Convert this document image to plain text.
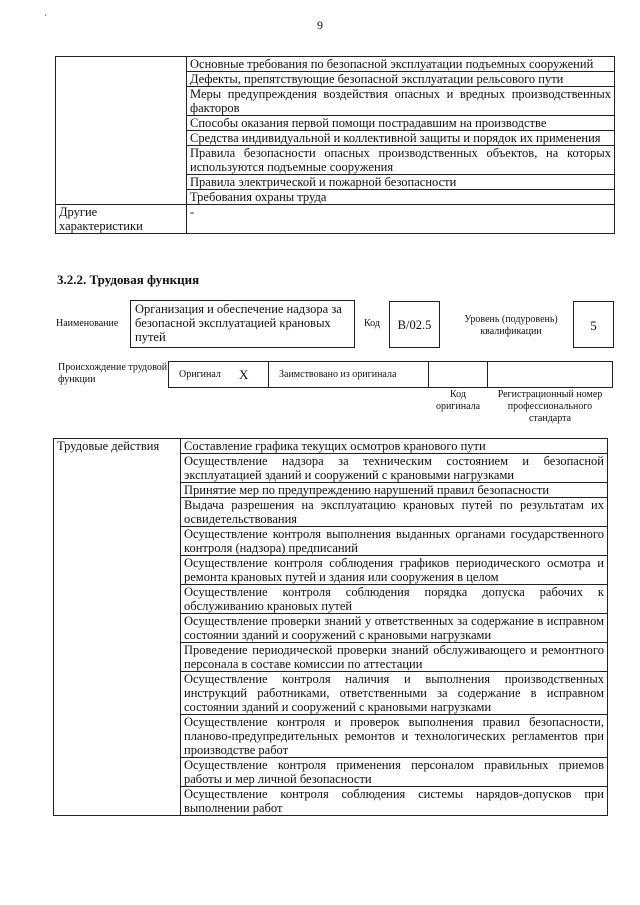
´	9
	Основные требования по безопасной эксплуатации подъемных сооружений
	Дефекты, препятствующие безопасной эксплуатации рельсового пути
	Меры предупреждения воздействия опасных и вредных производственных факторов
	Способы оказания первой помощи пострадавшим на производстве
	Средства индивидуальной и коллективной защиты и порядок их применения
	Правила безопасности опасных производственных объектов, на которых используются подъемные сооружения
	Правила электрической и пожарной безопасности
	Требования охраны труда
Другие характеристики	-
3.2.2. Трудовая функция
Наименование
Организация и обеспечение надзора за безопасной эксплуатацией крановых путей
Код	B/02.5	Уровень (подуровень) квалификации	5
Происхождение трудовой функции	Оригинал X	Заимствовано из оригинала
Код оригинала
Регистрационный номер профессионального стандарта
Трудовые действия	Составление графика текущих осмотров кранового пути
Осуществление надзора за техническим состоянием и безопасной эксплуатацией зданий и сооружений с крановыми нагрузками
Принятие мер по предупреждению нарушений правил безопасности
Выдача разрешения на эксплуатацию крановых путей по результатам их освидетельствования
Осуществление контроля выполнения выданных органами государственного контроля (надзора) предписаний
Осуществление контроля соблюдения графиков периодического осмотра и ремонта крановых путей и здания или сооружения в целом
Осуществление контроля соблюдения порядка допуска рабочих к обслуживанию крановых путей
Осуществление проверки знаний у ответственных за содержание в исправном состоянии зданий и сооружений с крановыми нагрузками
Проведение периодической проверки знаний обслуживающего и ремонтного персонала в составе комиссии по аттестации
Осуществление контроля наличия и выполнения производственных инструкций работниками, ответственными за содержание в исправном состоянии зданий и сооружений с крановыми нагрузками
Осуществление контроля и проверок выполнения правил безопасности, планово-предупредительных ремонтов и технологических регламентов при производстве работ
Осуществление контроля применения персоналом правильных приемов работы и мер личной безопасности
Осуществление контроля соблюдения системы нарядов-допусков при выполнении работ
